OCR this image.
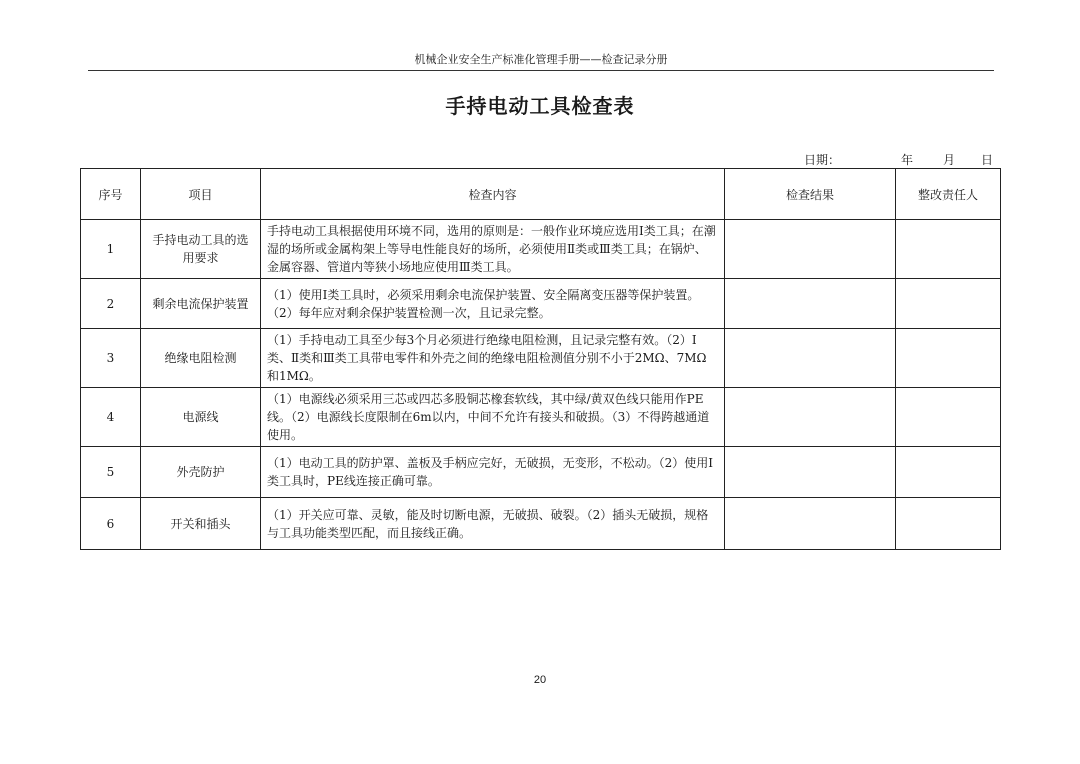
机械企业安全生产标准化管理手册——检查记录分册
手持电动工具检查表
日期：	年 月 日
序号	项目	检查内容	检查结果	整改责任人
1	手持电动工具的选用要求	手持电动工具根据使用环境不同，选用的原则是：一般作业环境应选用Ⅰ类工具；在潮湿的场所或金属构架上等导电性能良好的场所，必须使用Ⅱ类或Ⅲ类工具；在锅炉、金属容器、管道内等狭小场地应使用Ⅲ类工具。		
2	剩余电流保护装置	（1）使用Ⅰ类工具时，必须采用剩余电流保护装置、安全隔离变压器等保护装置。（2）每年应对剩余保护装置检测一次，且记录完整。		
3	绝缘电阻检测	（1）手持电动工具至少每3个月必须进行绝缘电阻检测，且记录完整有效。（2）Ⅰ类、Ⅱ类和Ⅲ类工具带电零件和外壳之间的绝缘电阻检测值分别不小于2MΩ、7MΩ和1MΩ。		
4	电源线	（1）电源线必须采用三芯或四芯多股铜芯橡套软线，其中绿/黄双色线只能用作PE线。（2）电源线长度限制在6m以内，中间不允许有接头和破损。（3）不得跨越通道使用。		
5	外壳防护	（1）电动工具的防护罩、盖板及手柄应完好，无破损，无变形，不松动。（2）使用Ⅰ类工具时，PE线连接正确可靠。		
6	开关和插头	（1）开关应可靠、灵敏，能及时切断电源，无破损、破裂。（2）插头无破损，规格与工具功能类型匹配，而且接线正确。		
20
